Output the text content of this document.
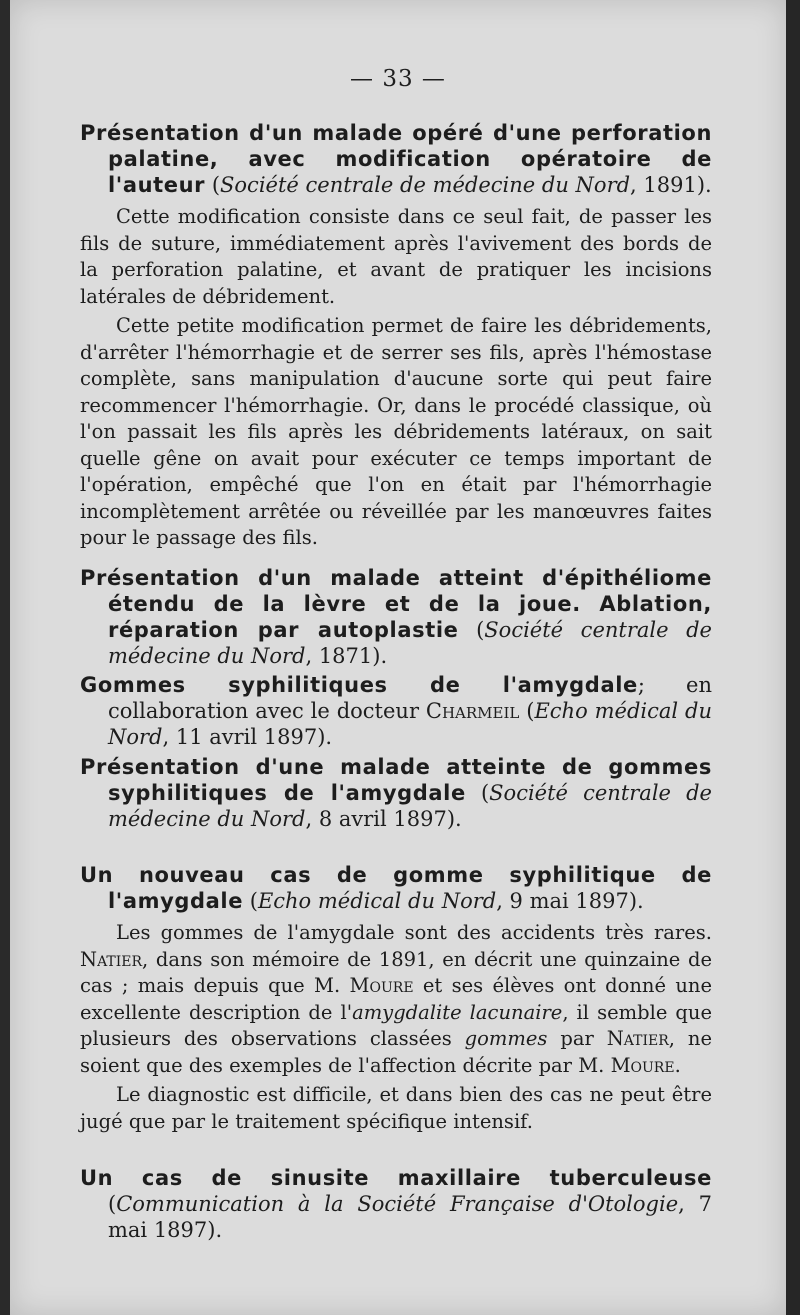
— 33 —
Présentation d'un malade opéré d'une perforation palatine, avec modification opératoire de l'auteur (Société centrale de médecine du Nord, 1891).

Cette modification consiste dans ce seul fait, de passer les fils de suture, immédiatement après l'avivement des bords de la perforation palatine, et avant de pratiquer les incisions latérales de débridement.

Cette petite modification permet de faire les débridements, d'arrêter l'hémorrhagie et de serrer ses fils, après l'hémostase complète, sans manipulation d'aucune sorte qui peut faire recommencer l'hémorrhagie. Or, dans le procédé classique, où l'on passait les fils après les débridements latéraux, on sait quelle gêne on avait pour exécuter ce temps important de l'opération, empêché que l'on en était par l'hémorrhagie incomplètement arrêtée ou réveillée par les manœuvres faites pour le passage des fils.

Présentation d'un malade atteint d'épithéliome étendu de la lèvre et de la joue. Ablation, réparation par autoplastie (Société centrale de médecine du Nord, 1871).
Gommes syphilitiques de l'amygdale; en collaboration avec le docteur Charmeil (Echo médical du Nord, 11 avril 1897).
Présentation d'une malade atteinte de gommes syphilitiques de l'amygdale (Société centrale de médecine du Nord, 8 avril 1897).
Un nouveau cas de gomme syphilitique de l'amygdale (Echo médical du Nord, 9 mai 1897).

Les gommes de l'amygdale sont des accidents très rares. Natier, dans son mémoire de 1891, en décrit une quinzaine de cas ; mais depuis que M. Moure et ses élèves ont donné une excellente description de l'amygdalite lacunaire, il semble que plusieurs des observations classées gommes par Natier, ne soient que des exemples de l'affection décrite par M. Moure.

Le diagnostic est difficile, et dans bien des cas ne peut être jugé que par le traitement spécifique intensif.

Un cas de sinusite maxillaire tuberculeuse (Communication à la Société Française d'Otologie, 7 mai 1897).
